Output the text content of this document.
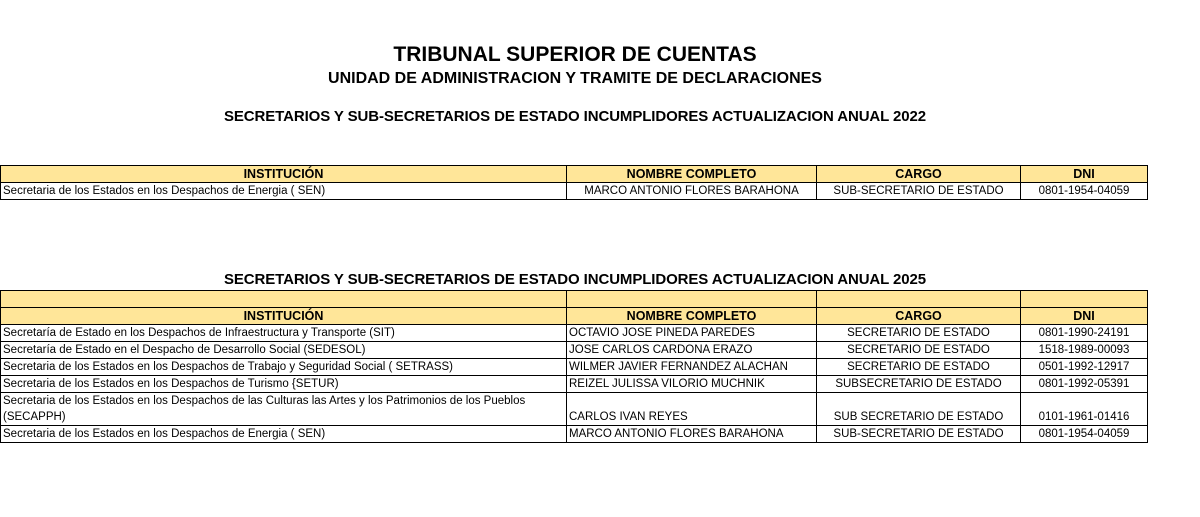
TRIBUNAL SUPERIOR DE CUENTAS
UNIDAD DE ADMINISTRACION Y TRAMITE DE DECLARACIONES
SECRETARIOS Y SUB-SECRETARIOS DE ESTADO INCUMPLIDORES ACTUALIZACION ANUAL 2022
INSTITUCIÓN	NOMBRE COMPLETO	CARGO	DNI
Secretaria de los Estados en los Despachos de Energia ( SEN)	MARCO ANTONIO FLORES BARAHONA	SUB-SECRETARIO DE ESTADO	0801-1954-04059
SECRETARIOS Y SUB-SECRETARIOS DE ESTADO INCUMPLIDORES ACTUALIZACION ANUAL 2025

INSTITUCIÓN	NOMBRE COMPLETO	CARGO	DNI
Secretaría de Estado en los Despachos de Infraestructura y Transporte (SIT)	OCTAVIO JOSE PINEDA PAREDES	SECRETARIO DE ESTADO	0801-1990-24191
Secretaría de Estado en el Despacho de Desarrollo Social (SEDESOL)	JOSE CARLOS CARDONA ERAZO	SECRETARIO DE ESTADO	1518-1989-00093
Secretaria de los Estados en los Despachos de Trabajo y Seguridad Social ( SETRASS)	WILMER JAVIER FERNANDEZ ALACHAN	SECRETARIO DE ESTADO	0501-1992-12917
Secretaria de los Estados en los Despachos de Turismo {SETUR)	REIZEL JULISSA VILORIO MUCHNIK	SUBSECRETARIO DE ESTADO	0801-1992-05391
Secretaria de los Estados en los Despachos de las Culturas las Artes y los Patrimonios de los Pueblos (SECAPPH)	CARLOS IVAN REYES	SUB SECRETARIO DE ESTADO	0101-1961-01416
Secretaria de los Estados en los Despachos de Energia ( SEN)	MARCO ANTONIO FLORES BARAHONA	SUB-SECRETARIO DE ESTADO	0801-1954-04059
